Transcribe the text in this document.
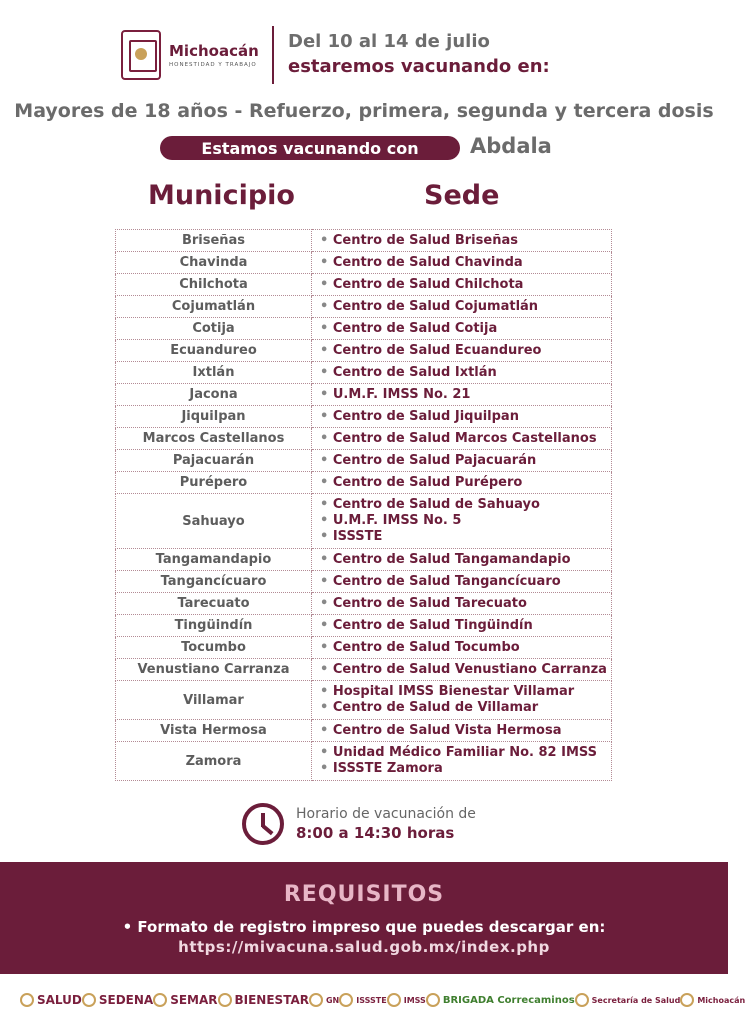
Michoacán
HONESTIDAD Y TRABAJO
Del 10 al 14 de julio
estaremos vacunando en:
Mayores de 18 años - Refuerzo, primera, segunda y tercera dosis
Estamos vacunando con	Abdala
Municipio	Sede
Briseñas	• Centro de Salud Briseñas

Chavinda	• Centro de Salud Chavinda

Chilchota	• Centro de Salud Chilchota

Cojumatlán	• Centro de Salud Cojumatlán

Cotija	• Centro de Salud Cotija

Ecuandureo	• Centro de Salud Ecuandureo

Ixtlán	• Centro de Salud Ixtlán

Jacona	• U.M.F. IMSS No. 21

Jiquilpan	• Centro de Salud Jiquilpan

Marcos Castellanos	• Centro de Salud Marcos Castellanos

Pajacuarán	• Centro de Salud Pajacuarán

Purépero	• Centro de Salud Purépero

Sahuayo	• Centro de Salud de Sahuayo
• U.M.F. IMSS No. 5
• ISSSTE

Tangamandapio	• Centro de Salud Tangamandapio

Tangancícuaro	• Centro de Salud Tangancícuaro

Tarecuato	• Centro de Salud Tarecuato

Tingüindín	• Centro de Salud Tingüindín

Tocumbo	• Centro de Salud Tocumbo

Venustiano Carranza	• Centro de Salud Venustiano Carranza

Villamar	• Hospital IMSS Bienestar Villamar
• Centro de Salud de Villamar

Vista Hermosa	• Centro de Salud Vista Hermosa

Zamora	• Unidad Médico Familiar No. 82 IMSS
• ISSSTE Zamora
Horario de vacunación de
8:00 a 14:30 horas
REQUISITOS
• Formato de registro impreso que puedes descargar en:
https://mivacuna.salud.gob.mx/index.php
SALUD SEDENA SEMAR BIENESTAR GN ISSSTE IMSS BRIGADA Correcaminos Secretaría de Salud Michoacán
